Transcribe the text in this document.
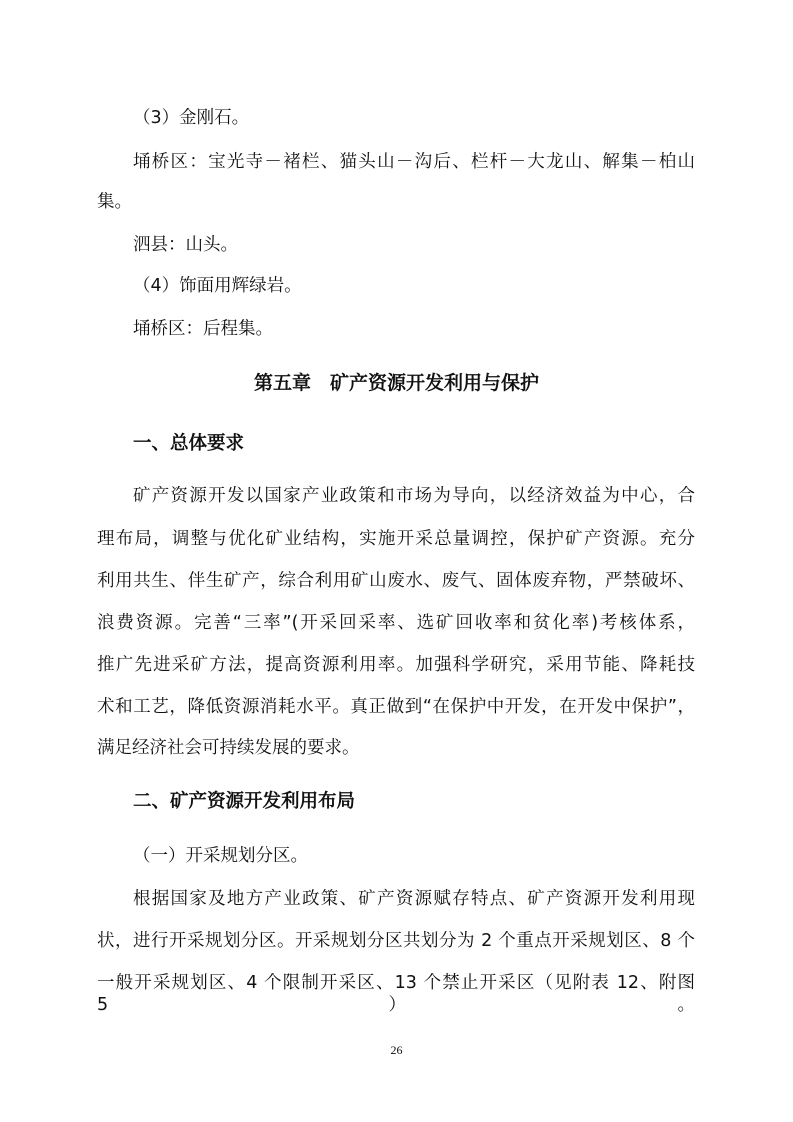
（3）金刚石。
埇桥区：宝光寺－褚栏、猫头山－沟后、栏杆－大龙山、解集－柏山
集。
泗县：山头。
（4）饰面用辉绿岩。
埇桥区：后程集。
第五章　矿产资源开发利用与保护
一、总体要求
矿产资源开发以国家产业政策和市场为导向，以经济效益为中心，合
理布局，调整与优化矿业结构，实施开采总量调控，保护矿产资源。充分
利用共生、伴生矿产，综合利用矿山废水、废气、固体废弃物，严禁破坏、
浪费资源。完善“三率”(开采回采率、选矿回收率和贫化率)考核体系，
推广先进采矿方法，提高资源利用率。加强科学研究，采用节能、降耗技
术和工艺，降低资源消耗水平。真正做到“在保护中开发，在开发中保护”，
满足经济社会可持续发展的要求。
二、矿产资源开发利用布局
（一）开采规划分区。
根据国家及地方产业政策、矿产资源赋存特点、矿产资源开发利用现
状，进行开采规划分区。开采规划分区共划分为 2 个重点开采规划区、8 个
一般开采规划区、4 个限制开采区、13 个禁止开采区（见附表 12、附图 5）。
26
